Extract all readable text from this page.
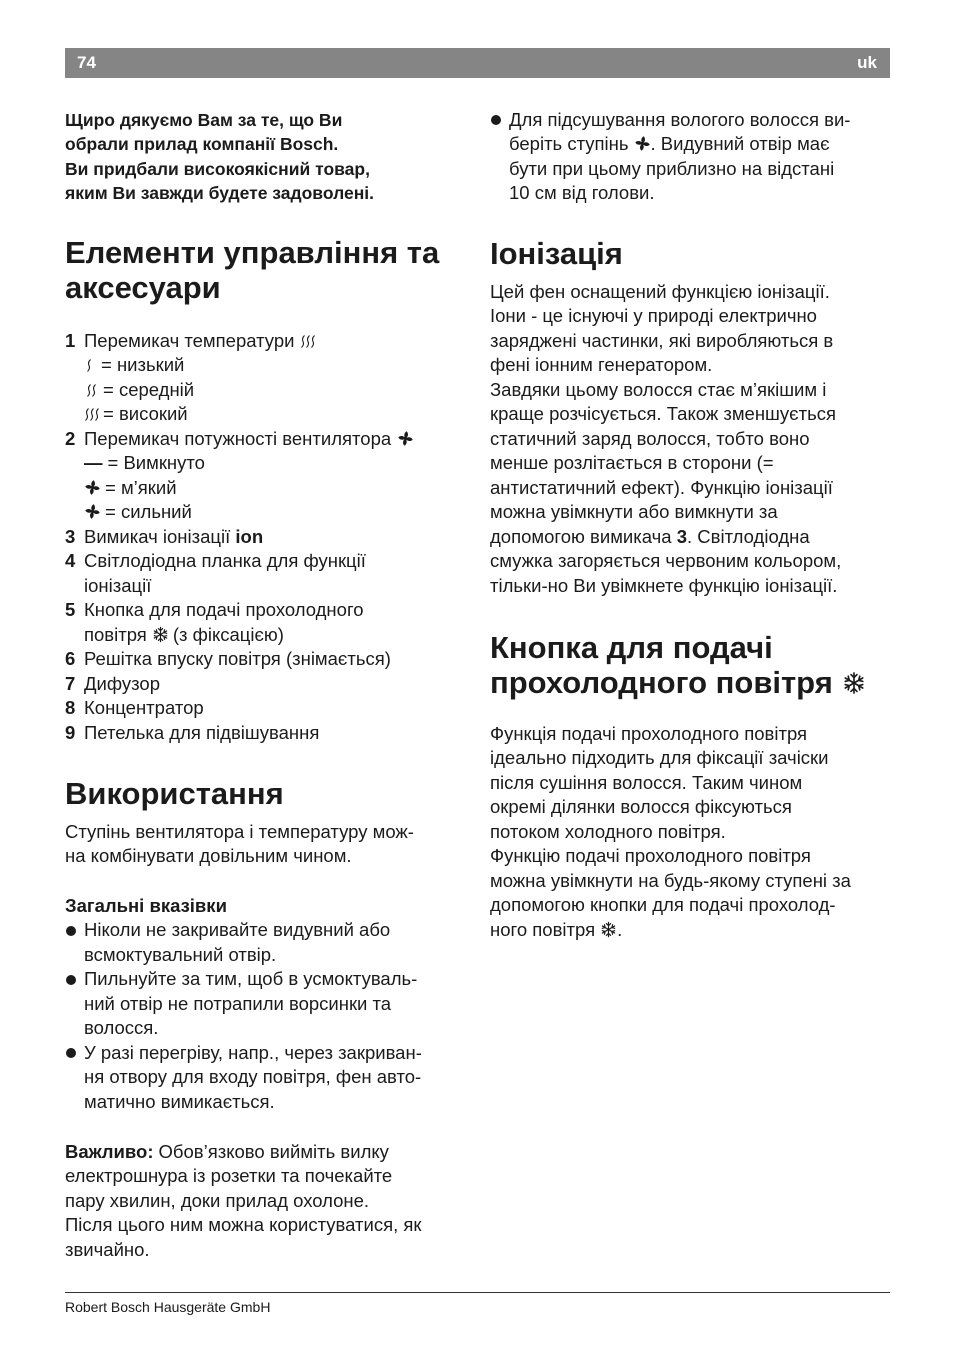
74	uk
Щиро дякуємо Вам за те, що Ви
обрали прилад компанії Bosch.
Ви придбали високоякісний товар,
яким Ви завжди будете задоволені.
Елементи управління та
аксесуари
1 Перемикач температури
= низький
= середній
= високий
2 Перемикач потужності вентилятора
— = Вимкнуто
= м’який
= сильний
3 Вимикач іонізації ion
4 Світлодіодна планка для функції
іонізації
5 Кнопка для подачі прохолодного
повітря (з фіксацією)
6 Решітка впуску повітря (знімається)
7 Дифузор
8 Концентратор
9 Петелька для підвішування
Використання
Ступінь вентилятора і температуру мож-
на комбінувати довільним чином.
Загальні вказівки
Ніколи не закривайте видувний або
всмоктувальний отвір.
Пильнуйте за тим, щоб в усмоктуваль-
ний отвір не потрапили ворсинки та
волосся.
У разі перегріву, напр., через закриван-
ня отвору для входу повітря, фен авто-
матично вимикається.
Важливо: Обов’язково вийміть вилку
електрошнура із розетки та почекайте
пару хвилин, доки прилад охолоне.
Після цього ним можна користуватися, як
звичайно.
Для підсушування вологого волосся ви-
беріть ступінь . Видувний отвір має
бути при цьому приблизно на відстані
10 см від голови.
Іонізація
Цей фен оснащений функцією іонізації.
Іони - це існуючі у природі електрично
заряджені частинки, які виробляються в
фені іонним генератором.
Завдяки цьому волосся стає м’якішим і
краще розчісується. Також зменшується
статичний заряд волосся, тобто воно
менше розлітається в сторони (=
антистатичний ефект). Функцію іонізації
можна увімкнути або вимкнути за
допомогою вимикача 3. Світлодіодна
смужка загоряється червоним кольором,
тільки-но Ви увімкнете функцію іонізації.
Кнопка для подачі
прохолодного повітря
Функція подачі прохолодного повітря
ідеально підходить для фіксації зачіски
після сушіння волосся. Таким чином
окремі ділянки волосся фіксуються
потоком холодного повітря.
Функцію подачі прохолодного повітря
можна увімкнути на будь-якому ступені за
допомогою кнопки для подачі прохолод-
ного повітря .
Robert Bosch Hausgeräte GmbH
